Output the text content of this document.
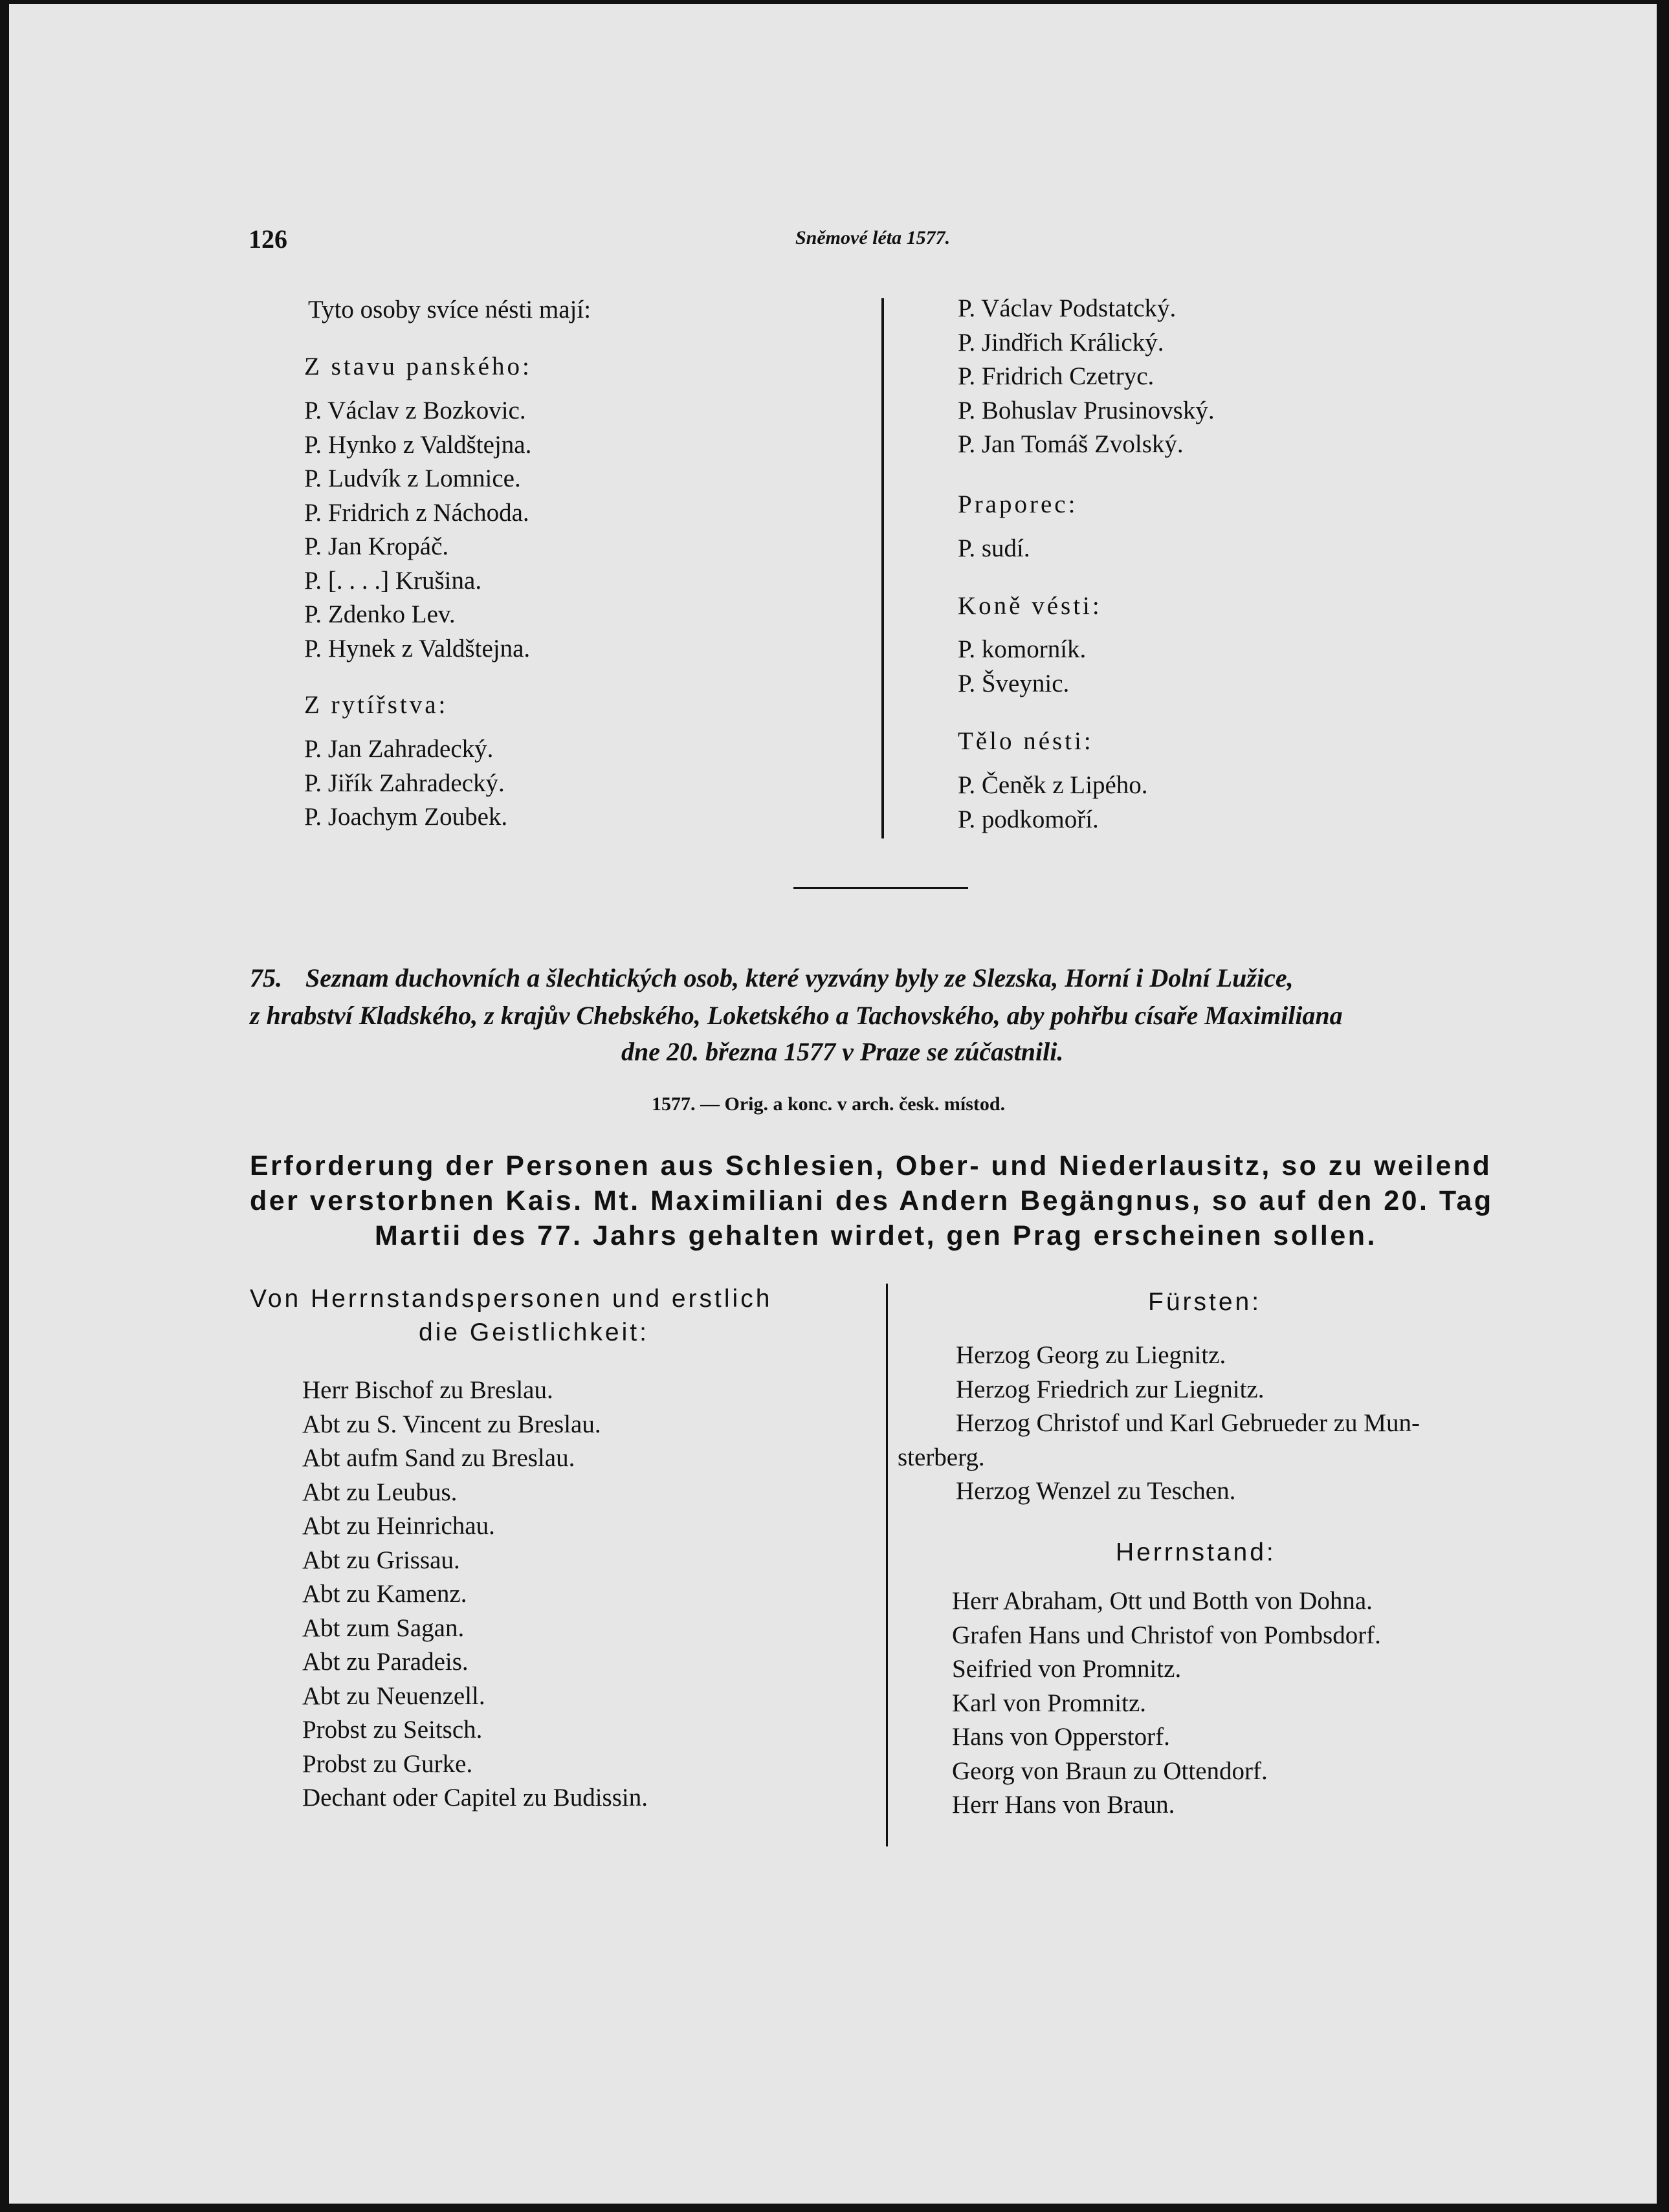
126	Sněmové léta 1577.
Tyto osoby svíce nésti mají:
Z stavu panského:
P. Václav z Bozkovic.
P. Hynko z Valdštejna.
P. Ludvík z Lomnice.
P. Fridrich z Náchoda.
P. Jan Kropáč.
P. [. . . .] Krušina.
P. Zdenko Lev.
P. Hynek z Valdštejna.
Z rytířstva:
P. Jan Zahradecký.
P. Jiřík Zahradecký.
P. Joachym Zoubek.
P. Václav Podstatcký.
P. Jindřich Králický.
P. Fridrich Czetryc.
P. Bohuslav Prusinovský.
P. Jan Tomáš Zvolský.
Praporec:
P. sudí.
Koně vésti:
P. komorník.
P. Šveynic.
Tělo nésti:
P. Čeněk z Lipého.
P. podkomoří.
75. Seznam duchovních a šlechtických osob, které vyzvány byly ze Slezska, Horní i Dolní Lužice,
z hrabství Kladského, z krajův Chebského, Loketského a Tachovského, aby pohřbu císaře Maximiliana
dne 20. března 1577 v Praze se zúčastnili.
1577. — Orig. a konc. v arch. česk. místod.
Erforderung der Personen aus Schlesien, Ober- und Niederlausitz, so zu weilend
der verstorbnen Kais. Mt. Maximiliani des Andern Begängnus, so auf den 20. Tag
Martii des 77. Jahrs gehalten wirdet, gen Prag erscheinen sollen.
Von Herrnstandspersonen und erstlich
die Geistlichkeit:
Herr Bischof zu Breslau.
Abt zu S. Vincent zu Breslau.
Abt aufm Sand zu Breslau.
Abt zu Leubus.
Abt zu Heinrichau.
Abt zu Grissau.
Abt zu Kamenz.
Abt zum Sagan.
Abt zu Paradeis.
Abt zu Neuenzell.
Probst zu Seitsch.
Probst zu Gurke.
Dechant oder Capitel zu Budissin.
Fürsten:
Herzog Georg zu Liegnitz.
Herzog Friedrich zur Liegnitz.
Herzog Christof und Karl Gebrueder zu Mun-
sterberg.
Herzog Wenzel zu Teschen.
Herrnstand:
Herr Abraham, Ott und Botth von Dohna.
Grafen Hans und Christof von Pombsdorf.
Seifried von Promnitz.
Karl von Promnitz.
Hans von Opperstorf.
Georg von Braun zu Ottendorf.
Herr Hans von Braun.
